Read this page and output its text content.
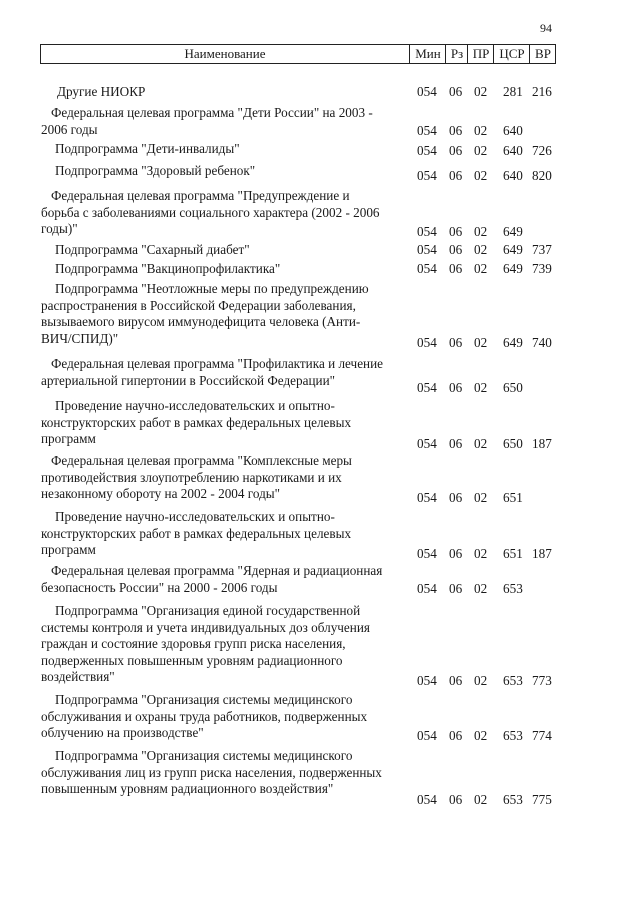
94
Наименование	Мин Рз ПР ЦСР ВР
Другие НИОКР	054 06 02 281 216
Федеральная целевая программа "Дети России" на 2003 -
2006 годы	054 06 02 640
Подпрограмма "Дети-инвалиды"	054 06 02 640 726
Подпрограмма "Здоровый ребенок"	054 06 02 640 820
Федеральная целевая программа "Предупреждение и
борьба с заболеваниями социального характера (2002 - 2006
годы)"	054 06 02 649
Подпрограмма "Сахарный диабет"	054 06 02 649 737
Подпрограмма "Вакцинопрофилактика"	054 06 02 649 739
Подпрограмма "Неотложные меры по предупреждению
распространения в Российской Федерации заболевания,
вызываемого вирусом иммунодефицита человека (Анти-
ВИЧ/СПИД)"	054 06 02 649 740
Федеральная целевая программа "Профилактика и лечение
артериальной гипертонии в Российской Федерации"	054 06 02 650
Проведение научно-исследовательских и опытно-
конструкторских работ в рамках федеральных целевых
программ	054 06 02 650 187
Федеральная целевая программа "Комплексные меры
противодействия злоупотреблению наркотиками и их
незаконному обороту на 2002 - 2004 годы"	054 06 02 651
Проведение научно-исследовательских и опытно-
конструкторских работ в рамках федеральных целевых
программ	054 06 02 651 187
Федеральная целевая программа "Ядерная и радиационная
безопасность России" на 2000 - 2006 годы	054 06 02 653
Подпрограмма "Организация единой государственной
системы контроля и учета индивидуальных доз облучения
граждан и состояние здоровья групп риска населения,
подверженных повышенным уровням радиационного
воздействия"	054 06 02 653 773
Подпрограмма "Организация системы медицинского
обслуживания и охраны труда работников, подверженных
облучению на производстве"	054 06 02 653 774
Подпрограмма "Организация системы медицинского
обслуживания лиц из групп риска населения, подверженных
повышенным уровням радиационного воздействия"
054 06 02 653 775
